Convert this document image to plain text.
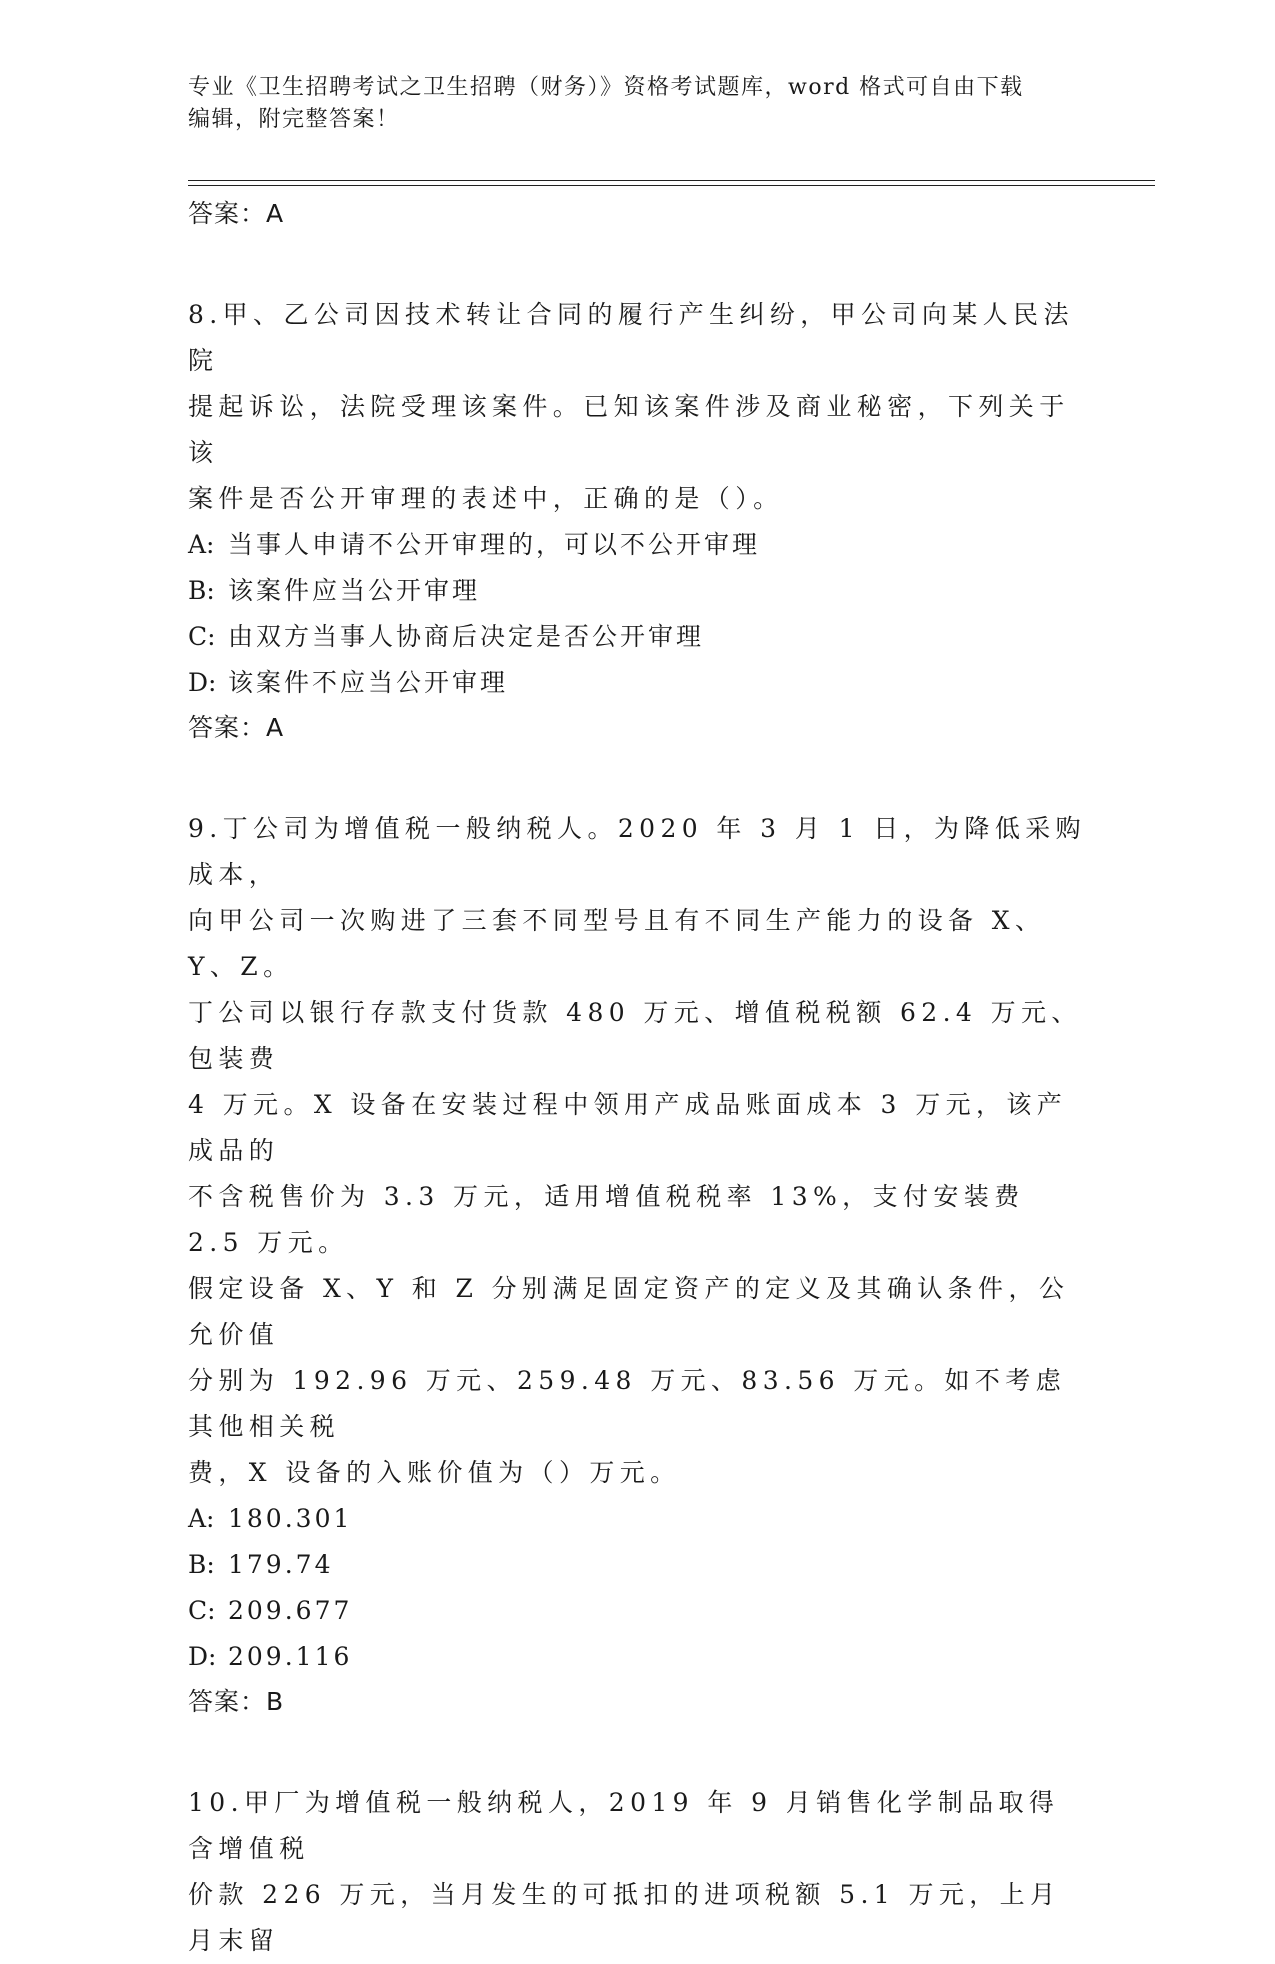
专业《卫生招聘考试之卫生招聘（财务）》资格考试题库，word 格式可自由下载
编辑，附完整答案！
答案：A
8.甲、乙公司因技术转让合同的履行产生纠纷，甲公司向某人民法院
提起诉讼，法院受理该案件。已知该案件涉及商业秘密，下列关于该
案件是否公开审理的表述中，正确的是（）。
A: 当事人申请不公开审理的，可以不公开审理
B: 该案件应当公开审理
C: 由双方当事人协商后决定是否公开审理
D: 该案件不应当公开审理
答案：A
9.丁公司为增值税一般纳税人。2020 年 3 月 1 日，为降低采购成本，
向甲公司一次购进了三套不同型号且有不同生产能力的设备 X、Y、Z。
丁公司以银行存款支付货款 480 万元、增值税税额 62.4 万元、包装费
4 万元。X 设备在安装过程中领用产成品账面成本 3 万元，该产成品的
不含税售价为 3.3 万元，适用增值税税率 13%，支付安装费 2.5 万元。
假定设备 X、Y 和 Z 分别满足固定资产的定义及其确认条件，公允价值
分别为 192.96 万元、259.48 万元、83.56 万元。如不考虑其他相关税
费，X 设备的入账价值为（）万元。
A: 180.301
B: 179.74
C: 209.677
D: 209.116
答案：B
10.甲厂为增值税一般纳税人，2019 年 9 月销售化学制品取得含增值税
价款 226 万元，当月发生的可抵扣的进项税额 5.1 万元，上月月末留
